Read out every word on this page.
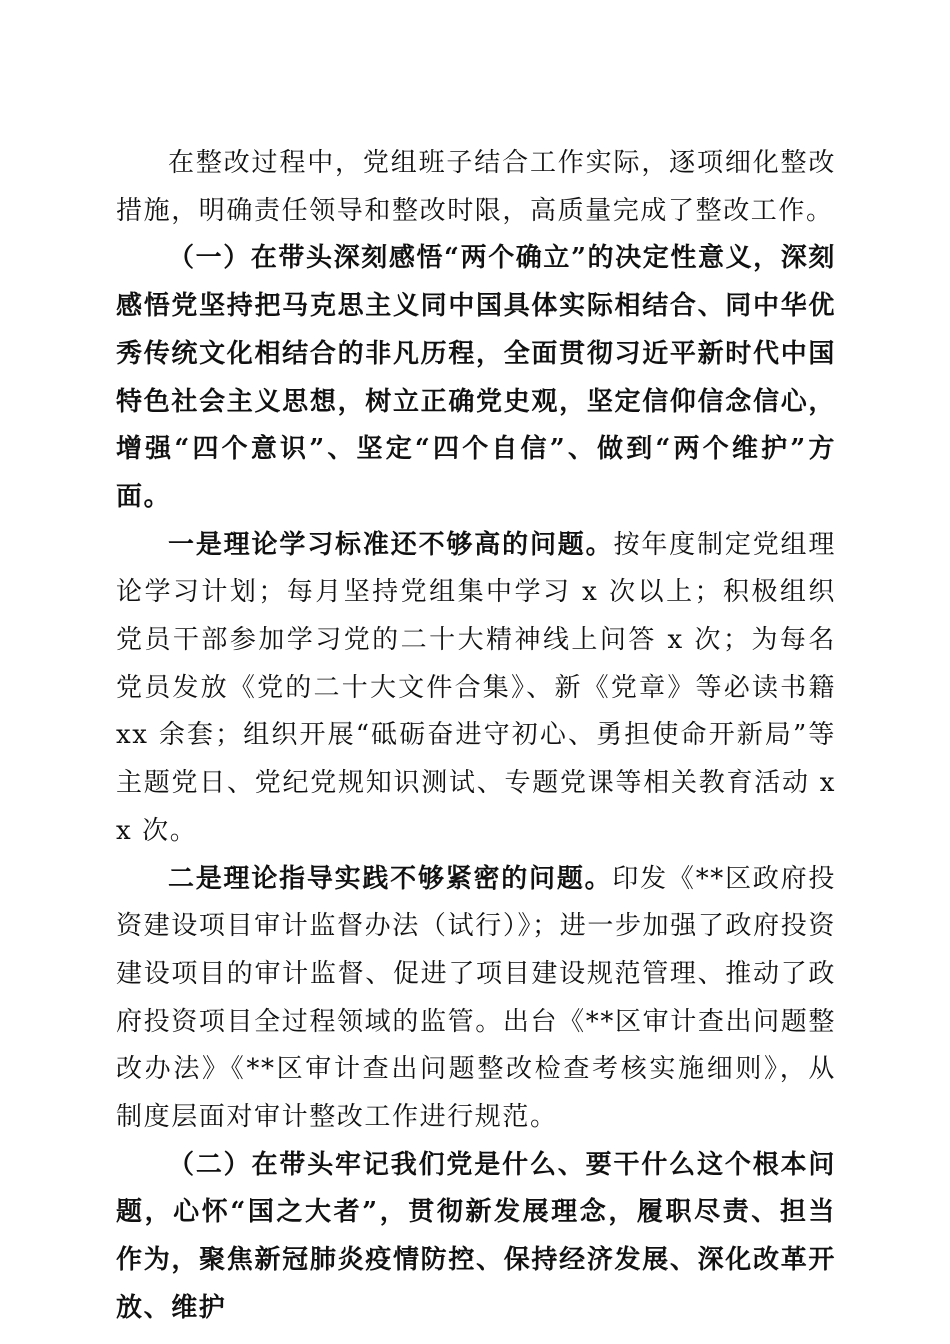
在整改过程中，党组班子结合工作实际，逐项细化整改措施，明确责任领导和整改时限，高质量完成了整改工作。

（一）在带头深刻感悟“两个确立”的决定性意义，深刻感悟党坚持把马克思主义同中国具体实际相结合、同中华优秀传统文化相结合的非凡历程，全面贯彻习近平新时代中国特色社会主义思想，树立正确党史观，坚定信仰信念信心，增强“四个意识”、坚定“四个自信”、做到“两个维护”方面。

一是理论学习标准还不够高的问题。按年度制定党组理论学习计划；每月坚持党组集中学习 x 次以上；积极组织党员干部参加学习党的二十大精神线上问答 x 次；为每名党员发放《党的二十大文件合集》、新《党章》等必读书籍 xx 余套；组织开展“砥砺奋进守初心、勇担使命开新局”等主题党日、党纪党规知识测试、专题党课等相关教育活动 xx 次。

二是理论指导实践不够紧密的问题。印发《**区政府投资建设项目审计监督办法（试行）》；进一步加强了政府投资建设项目的审计监督、促进了项目建设规范管理、推动了政府投资项目全过程领域的监管。出台《**区审计查出问题整改办法》《**区审计查出问题整改检查考核实施细则》，从制度层面对审计整改工作进行规范。

（二）在带头牢记我们党是什么、要干什么这个根本问题，心怀“国之大者”，贯彻新发展理念，履职尽责、担当作为，聚焦新冠肺炎疫情防控、保持经济发展、深化改革开放、维护
